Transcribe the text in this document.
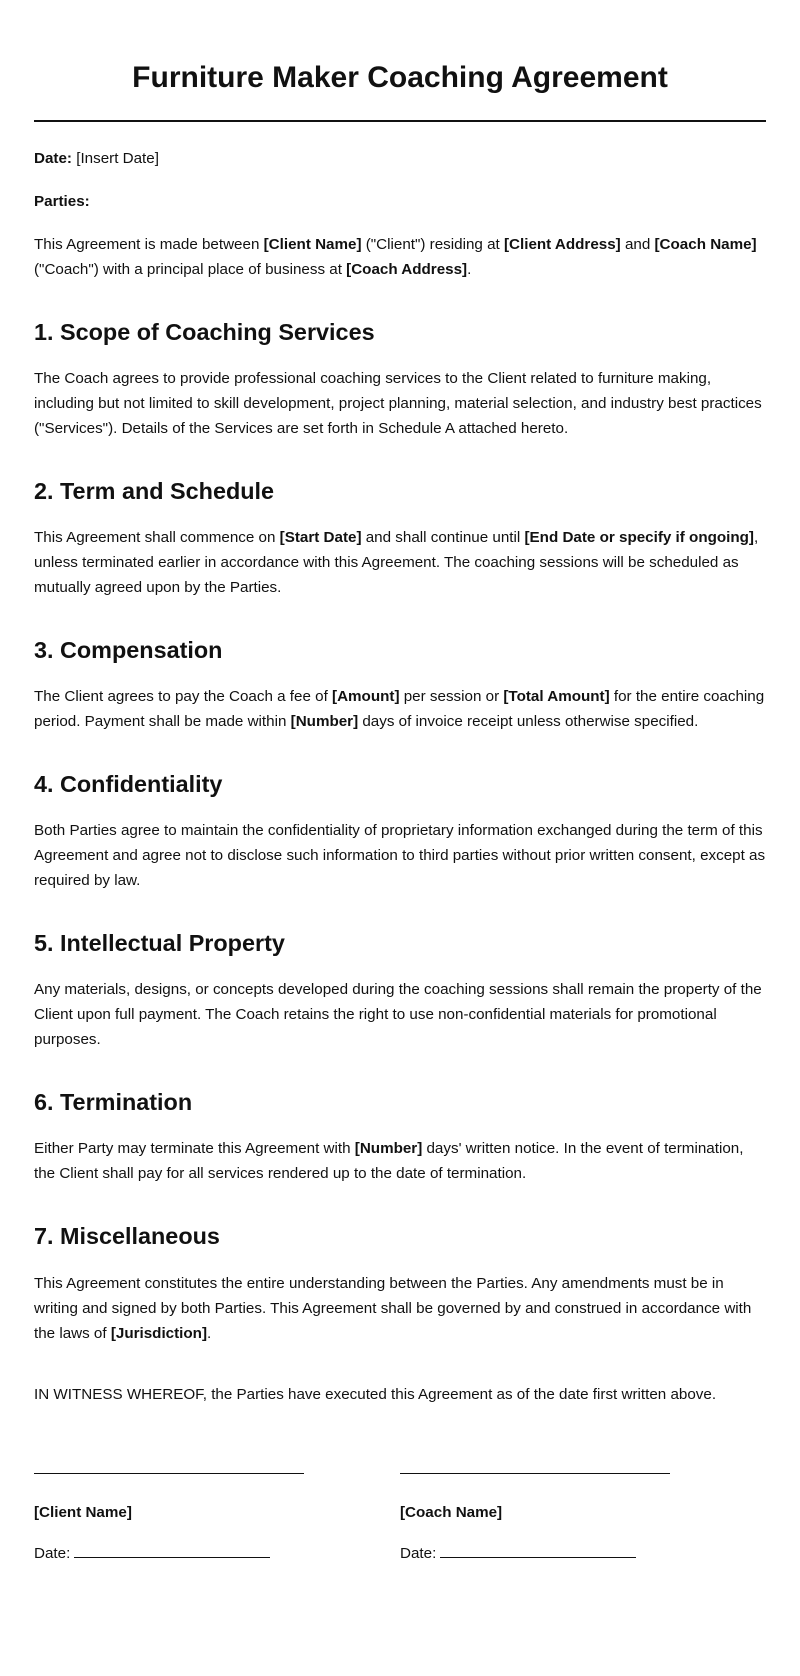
Furniture Maker Coaching Agreement

Date: [Insert Date]

Parties:

This Agreement is made between [Client Name] ("Client") residing at [Client Address] and [Coach Name] ("Coach") with a principal place of business at [Coach Address].

1. Scope of Coaching Services

The Coach agrees to provide professional coaching services to the Client related to furniture making, including but not limited to skill development, project planning, material selection, and industry best practices ("Services"). Details of the Services are set forth in Schedule A attached hereto.

2. Term and Schedule

This Agreement shall commence on [Start Date] and shall continue until [End Date or specify if ongoing], unless terminated earlier in accordance with this Agreement. The coaching sessions will be scheduled as mutually agreed upon by the Parties.

3. Compensation

The Client agrees to pay the Coach a fee of [Amount] per session or [Total Amount] for the entire coaching period. Payment shall be made within [Number] days of invoice receipt unless otherwise specified.

4. Confidentiality

Both Parties agree to maintain the confidentiality of proprietary information exchanged during the term of this Agreement and agree not to disclose such information to third parties without prior written consent, except as required by law.

5. Intellectual Property

Any materials, designs, or concepts developed during the coaching sessions shall remain the property of the Client upon full payment. The Coach retains the right to use non-confidential materials for promotional purposes.

6. Termination

Either Party may terminate this Agreement with [Number] days' written notice. In the event of termination, the Client shall pay for all services rendered up to the date of termination.

7. Miscellaneous

This Agreement constitutes the entire understanding between the Parties. Any amendments must be in writing and signed by both Parties. This Agreement shall be governed by and construed in accordance with the laws of [Jurisdiction].

IN WITNESS WHEREOF, the Parties have executed this Agreement as of the date first written above.

[Client Name]

Date:

[Coach Name]

Date:
